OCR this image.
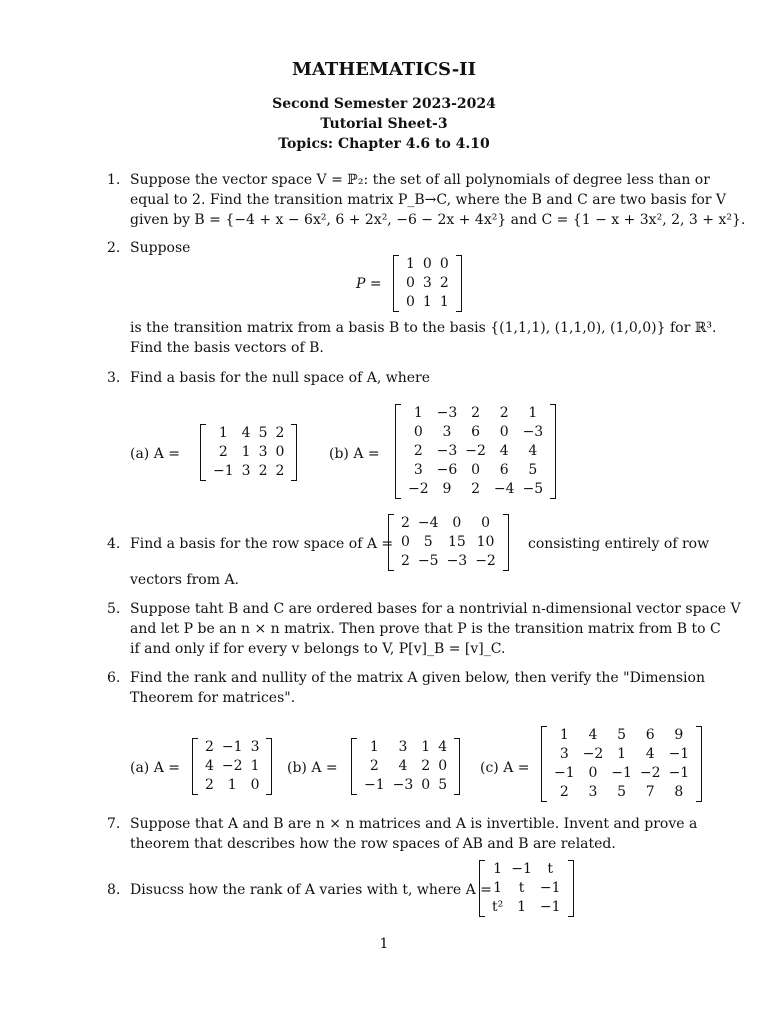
MATHEMATICS-II
Second Semester 2023-2024
Tutorial Sheet-3
Topics: Chapter 4.6 to 4.10
1. Suppose the vector space V = ℙ₂: the set of all polynomials of degree less than or
equal to 2. Find the transition matrix P_B→C, where the B and C are two basis for V
given by B = {−4 + x − 6x², 6 + 2x², −6 − 2x + 4x²} and C = {1 − x + 3x², 2, 3 + x²}.
2. Suppose
P =
1	0	0
0	3	2
0	1	1
is the transition matrix from a basis B to the basis {(1,1,1), (1,1,0), (1,0,0)} for ℝ³.
Find the basis vectors of B.
3. Find a basis for the null space of A, where
(a) A =
1	4	5	2
2	1	3	0
−1	3	2	2
(b) A =
1	−3	2	2	1
0	3	6	0	−3
2	−3	−2	4	4
3	−6	0	6	5
−2	9	2	−4	−5
4. Find a basis for the row space of A =
2	−4	0	0
0	5	15	10
2	−5	−3	−2
consisting entirely of row
vectors from A.
5. Suppose taht B and C are ordered bases for a nontrivial n-dimensional vector space V
and let P be an n × n matrix. Then prove that P is the transition matrix from B to C
if and only if for every v belongs to V, P[v]_B = [v]_C.
6. Find the rank and nullity of the matrix A given below, then verify the "Dimension
Theorem for matrices".
(a) A =
2	−1	3
4	−2	1
2	1	0
(b) A =
1	3	1	4
2	4	2	0
−1	−3	0	5
(c) A =
1	4	5	6	9
3	−2	1	4	−1
−1	0	−1	−2	−1
2	3	5	7	8
7. Suppose that A and B are n × n matrices and A is invertible. Invent and prove a
theorem that describes how the row spaces of AB and B are related.
8. Disucss how the rank of A varies with t, where A =
1	−1	t
1	t	−1
t²	1	−1
1
